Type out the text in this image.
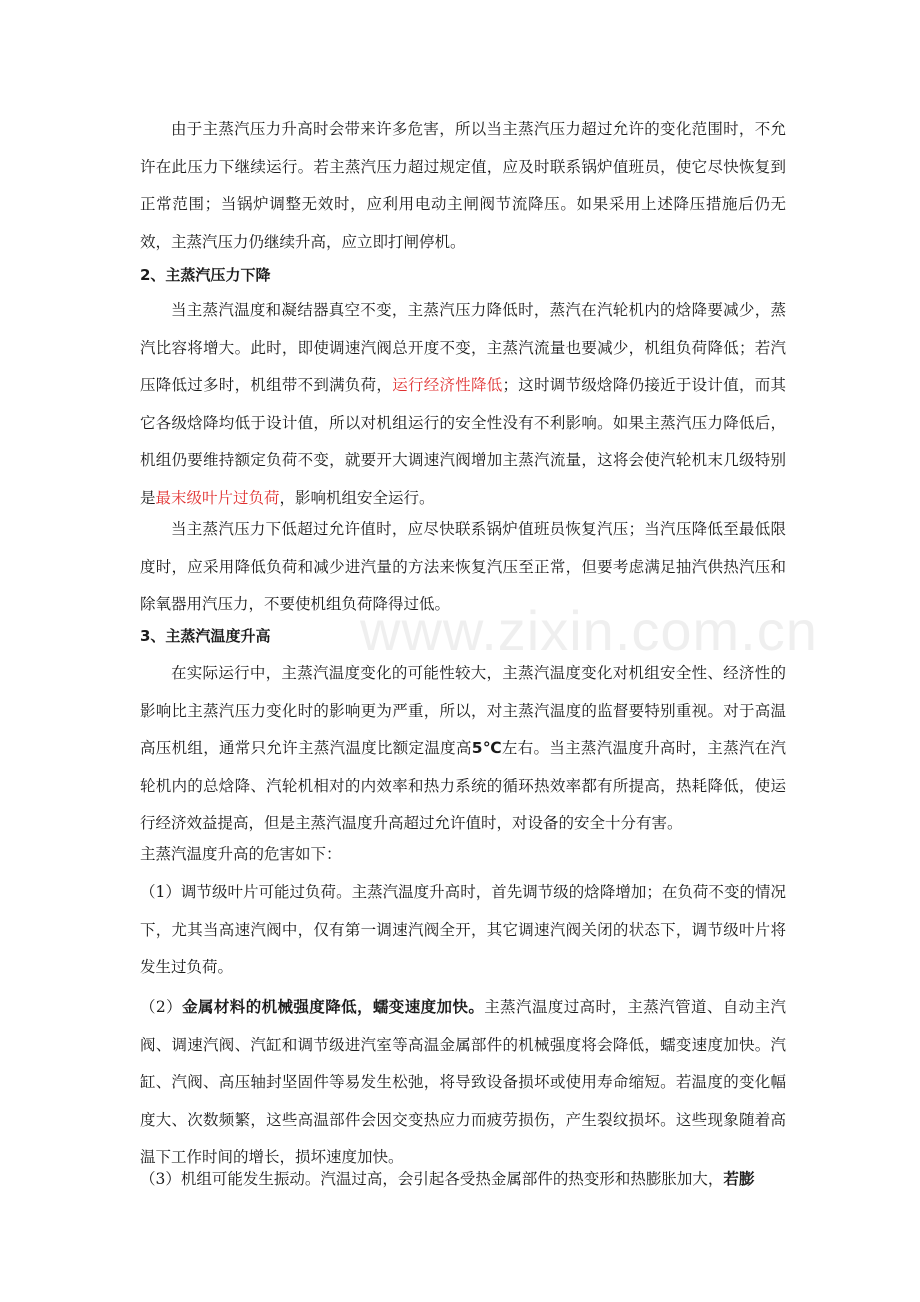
www.zixin.com.cn

由于主蒸汽压力升高时会带来许多危害，所以当主蒸汽压力超过允许的变化范围时，不允许在此压力下继续运行。若主蒸汽压力超过规定值，应及时联系锅炉值班员，使它尽快恢复到正常范围；当锅炉调整无效时，应利用电动主闸阀节流降压。如果采用上述降压措施后仍无效，主蒸汽压力仍继续升高，应立即打闸停机。

2、主蒸汽压力下降

当主蒸汽温度和凝结器真空不变，主蒸汽压力降低时，蒸汽在汽轮机内的焓降要减少，蒸汽比容将增大。此时，即使调速汽阀总开度不变，主蒸汽流量也要减少，机组负荷降低；若汽压降低过多时，机组带不到满负荷，运行经济性降低；这时调节级焓降仍接近于设计值，而其它各级焓降均低于设计值，所以对机组运行的安全性没有不利影响。如果主蒸汽压力降低后，机组仍要维持额定负荷不变，就要开大调速汽阀增加主蒸汽流量，这将会使汽轮机末几级特别是最末级叶片过负荷，影响机组安全运行。

当主蒸汽压力下低超过允许值时，应尽快联系锅炉值班员恢复汽压；当汽压降低至最低限度时，应采用降低负荷和减少进汽量的方法来恢复汽压至正常，但要考虑满足抽汽供热汽压和除氧器用汽压力，不要使机组负荷降得过低。

3、主蒸汽温度升高

在实际运行中，主蒸汽温度变化的可能性较大，主蒸汽温度变化对机组安全性、经济性的影响比主蒸汽压力变化时的影响更为严重，所以，对主蒸汽温度的监督要特别重视。对于高温高压机组，通常只允许主蒸汽温度比额定温度高5℃左右。当主蒸汽温度升高时，主蒸汽在汽轮机内的总焓降、汽轮机相对的内效率和热力系统的循环热效率都有所提高，热耗降低，使运行经济效益提高，但是主蒸汽温度升高超过允许值时，对设备的安全十分有害。

主蒸汽温度升高的危害如下：

（1）调节级叶片可能过负荷。主蒸汽温度升高时，首先调节级的焓降增加；在负荷不变的情况下，尤其当高速汽阀中，仅有第一调速汽阀全开，其它调速汽阀关闭的状态下，调节级叶片将发生过负荷。

（2）金属材料的机械强度降低，蠕变速度加快。主蒸汽温度过高时，主蒸汽管道、自动主汽阀、调速汽阀、汽缸和调节级进汽室等高温金属部件的机械强度将会降低，蠕变速度加快。汽缸、汽阀、高压轴封坚固件等易发生松弛，将导致设备损坏或使用寿命缩短。若温度的变化幅度大、次数频繁，这些高温部件会因交变热应力而疲劳损伤，产生裂纹损坏。这些现象随着高温下工作时间的增长，损坏速度加快。

（3）机组可能发生振动。汽温过高，会引起各受热金属部件的热变形和热膨胀加大，若膨
